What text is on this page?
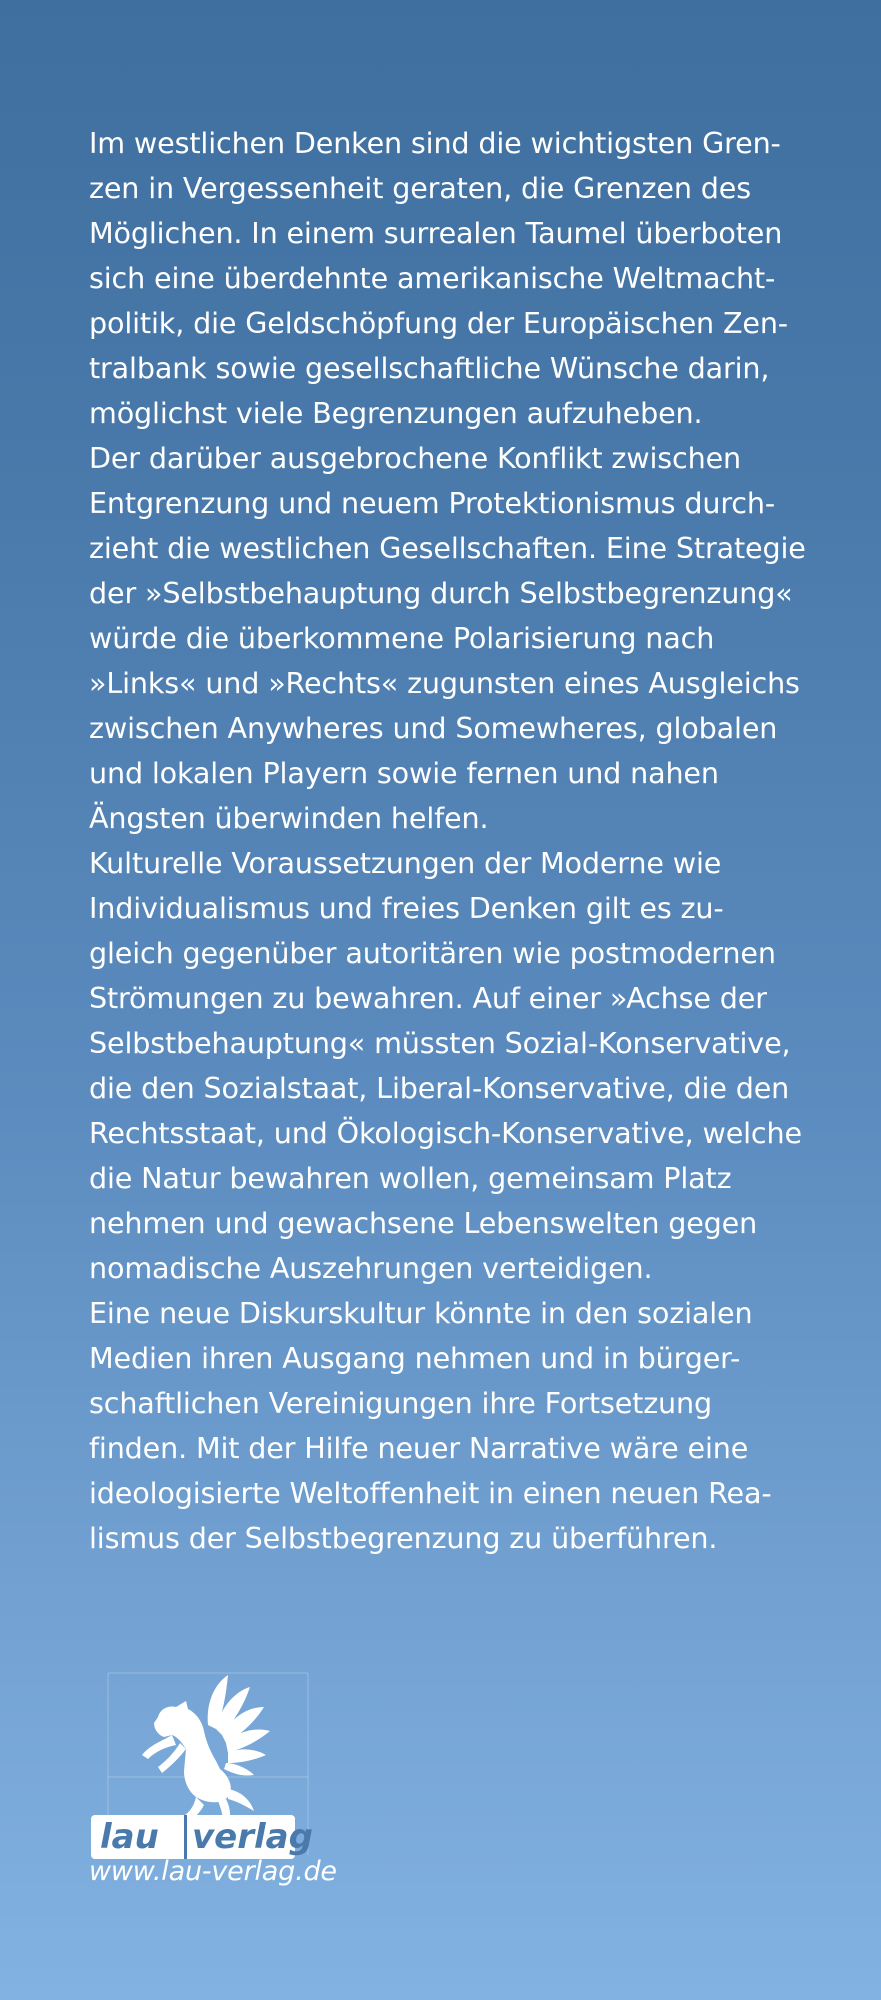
Im westlichen Denken sind die wichtigsten Gren-
zen in Vergessenheit geraten, die Grenzen des
Möglichen. In einem surrealen Taumel überboten
sich eine überdehnte amerikanische Weltmacht-
politik, die Geldschöpfung der Europäischen Zen-
tralbank sowie gesellschaftliche Wünsche darin,
möglichst viele Begrenzungen aufzuheben.

Der darüber ausgebrochene Konflikt zwischen
Entgrenzung und neuem Protektionismus durch-
zieht die westlichen Gesellschaften. Eine Strategie
der »Selbstbehauptung durch Selbstbegrenzung«
würde die überkommene Polarisierung nach
»Links« und »Rechts« zugunsten eines Ausgleichs
zwischen Anywheres und Somewheres, globalen
und lokalen Playern sowie fernen und nahen
Ängsten überwinden helfen.

Kulturelle Voraussetzungen der Moderne wie
Individualismus und freies Denken gilt es zu-
gleich gegenüber autoritären wie postmodernen
Strömungen zu bewahren. Auf einer »Achse der
Selbstbehauptung« müssten Sozial-Konservative,
die den Sozialstaat, Liberal-Konservative, die den
Rechtsstaat, und Ökologisch-Konservative, welche
die Natur bewahren wollen, gemeinsam Platz
nehmen und gewachsene Lebenswelten gegen
nomadische Auszehrungen verteidigen.

Eine neue Diskurskultur könnte in den sozialen
Medien ihren Ausgang nehmen und in bürger-
schaftlichen Vereinigungen ihre Fortsetzung
finden. Mit der Hilfe neuer Narrative wäre eine
ideologisierte Weltoffenheit in einen neuen Rea-
lismus der Selbstbegrenzung zu überführen.

lau verlag
www.lau-verlag.de
